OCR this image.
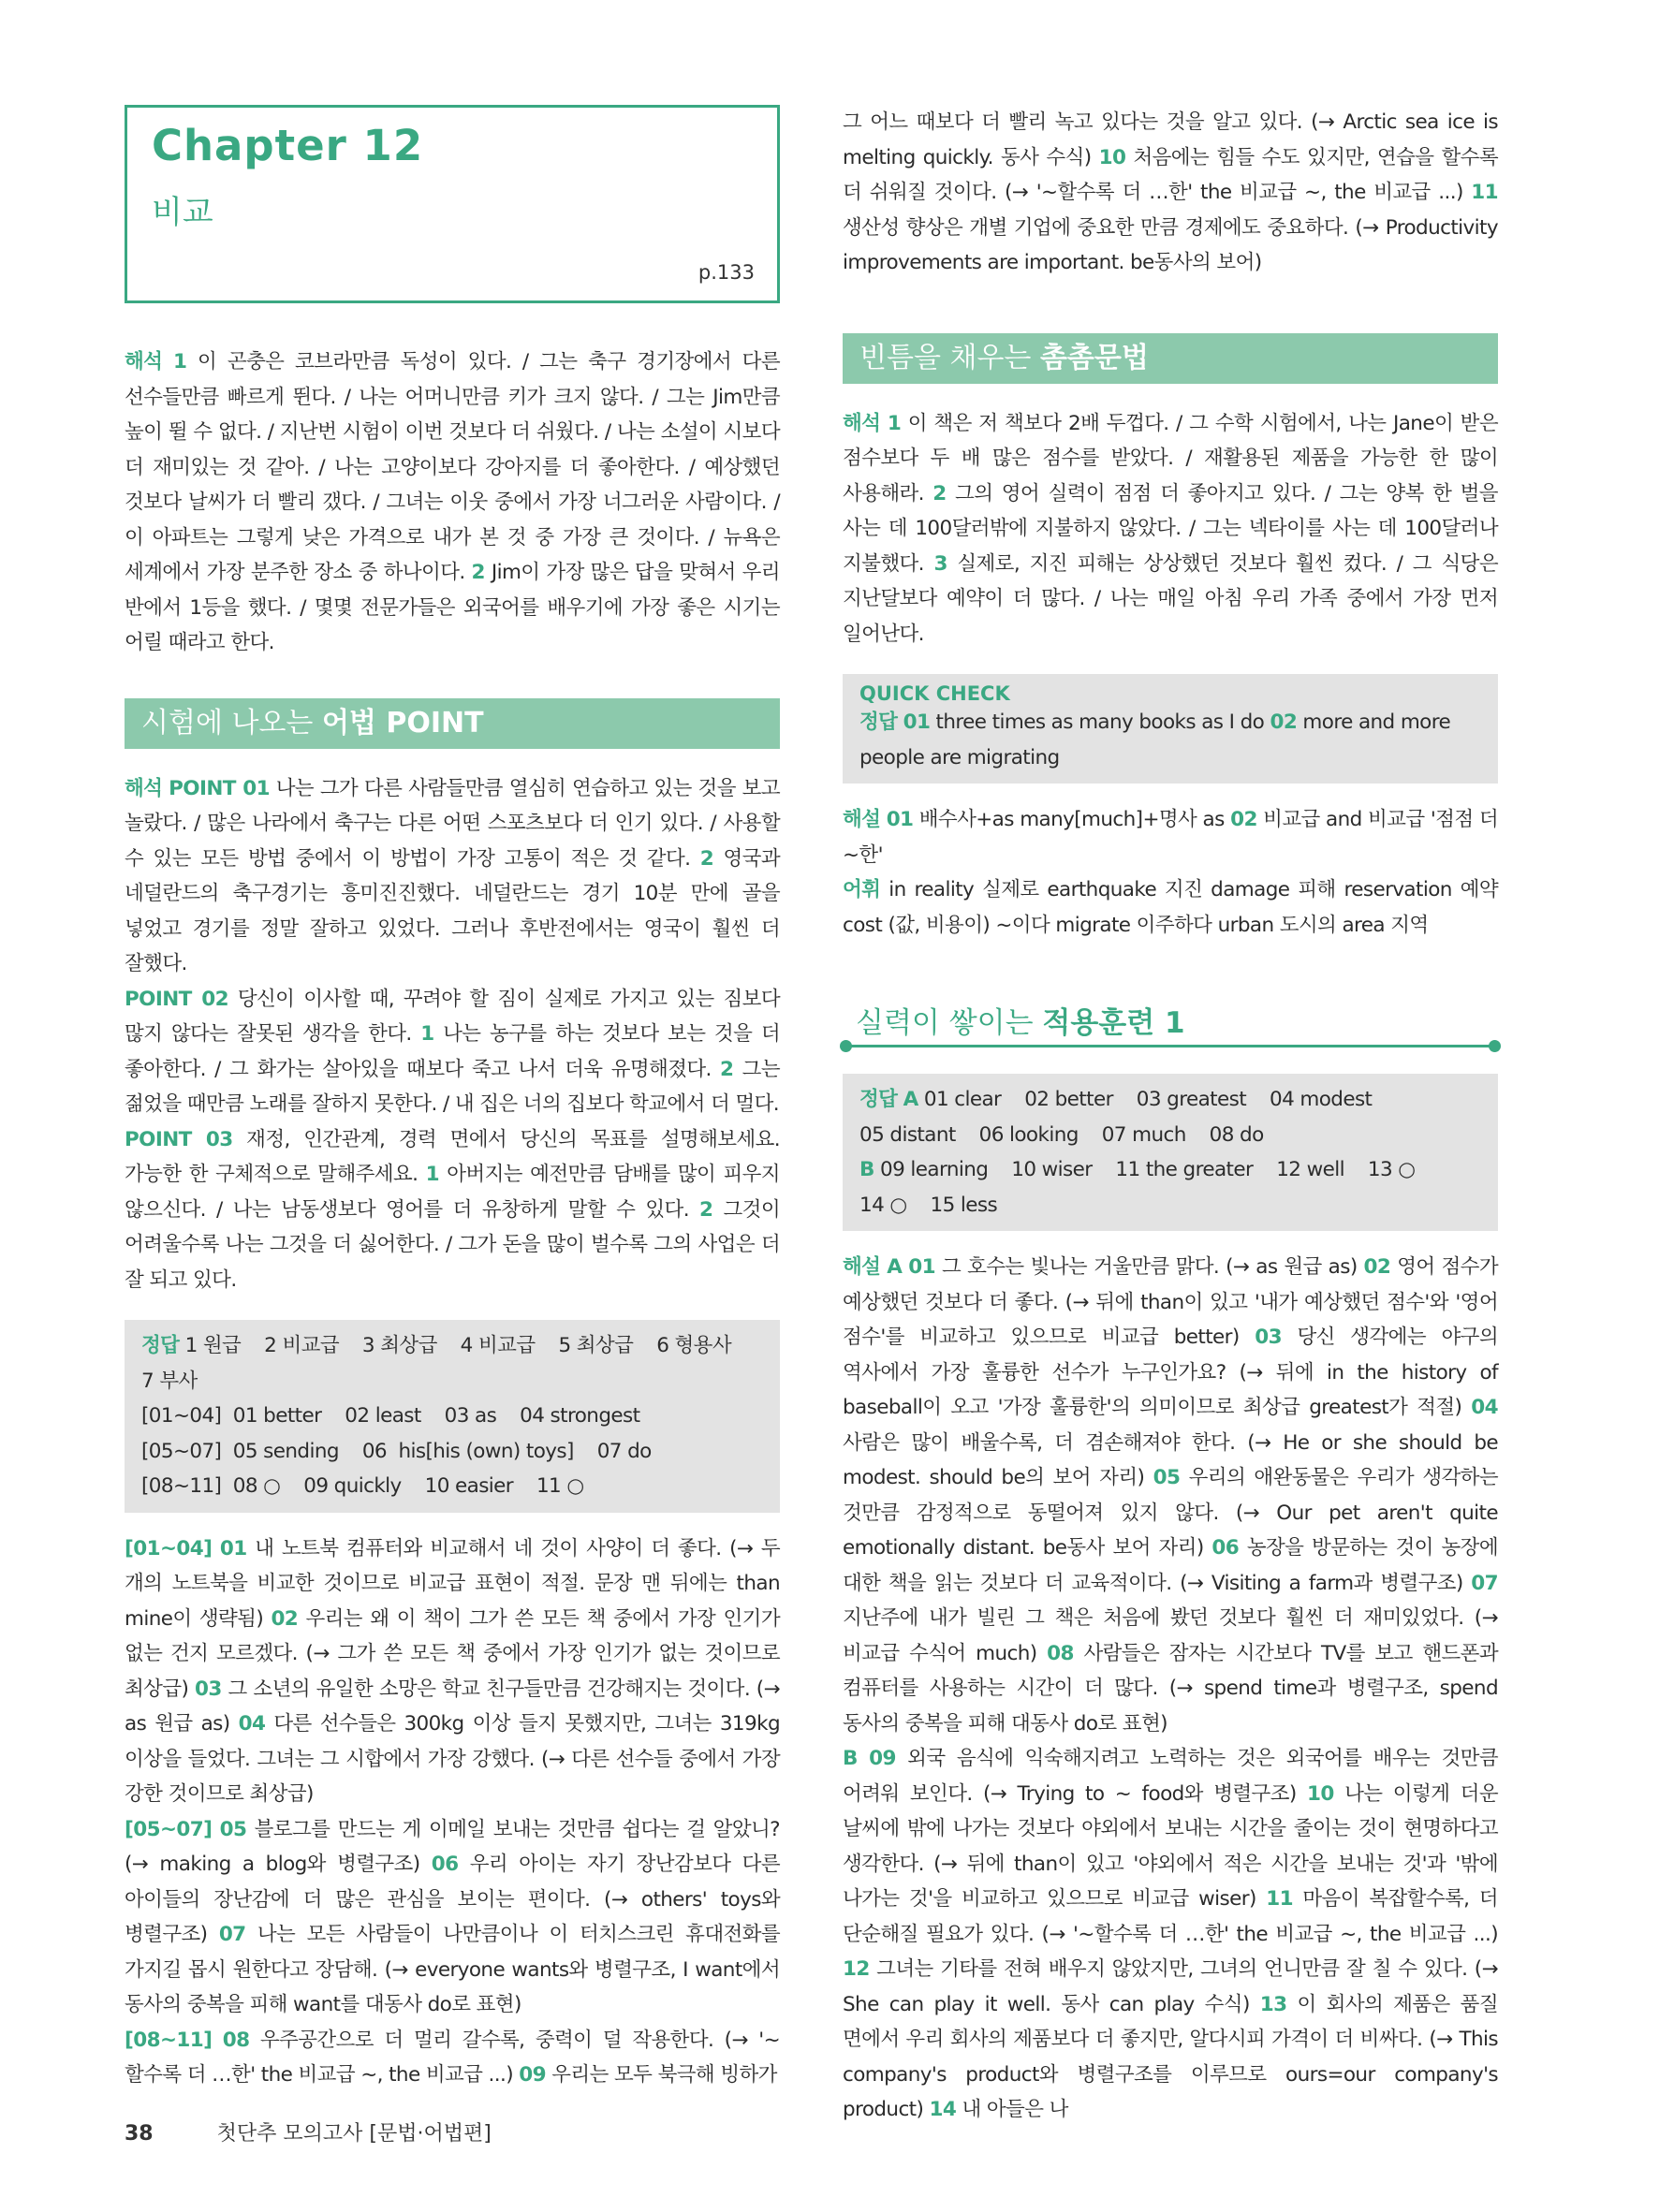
Chapter 12
비교
p.133

해석 1 이 곤충은 코브라만큼 독성이 있다. / 그는 축구 경기장에서 다른 선수들만큼 빠르게 뛴다. / 나는 어머니만큼 키가 크지 않다. / 그는 Jim만큼 높이 뛸 수 없다. / 지난번 시험이 이번 것보다 더 쉬웠다. / 나는 소설이 시보다 더 재미있는 것 같아. / 나는 고양이보다 강아지를 더 좋아한다. / 예상했던 것보다 날씨가 더 빨리 갰다. / 그녀는 이웃 중에서 가장 너그러운 사람이다. / 이 아파트는 그렇게 낮은 가격으로 내가 본 것 중 가장 큰 것이다. / 뉴욕은 세계에서 가장 분주한 장소 중 하나이다. 2 Jim이 가장 많은 답을 맞혀서 우리 반에서 1등을 했다. / 몇몇 전문가들은 외국어를 배우기에 가장 좋은 시기는 어릴 때라고 한다.

시험에 나오는 어법 POINT

해석 POINT 01 나는 그가 다른 사람들만큼 열심히 연습하고 있는 것을 보고 놀랐다. / 많은 나라에서 축구는 다른 어떤 스포츠보다 더 인기 있다. / 사용할 수 있는 모든 방법 중에서 이 방법이 가장 고통이 적은 것 같다. 2 영국과 네덜란드의 축구경기는 흥미진진했다. 네덜란드는 경기 10분 만에 골을 넣었고 경기를 정말 잘하고 있었다. 그러나 후반전에서는 영국이 훨씬 더 잘했다.
POINT 02 당신이 이사할 때, 꾸려야 할 짐이 실제로 가지고 있는 짐보다 많지 않다는 잘못된 생각을 한다. 1 나는 농구를 하는 것보다 보는 것을 더 좋아한다. / 그 화가는 살아있을 때보다 죽고 나서 더욱 유명해졌다. 2 그는 젊었을 때만큼 노래를 잘하지 못한다. / 내 집은 너의 집보다 학교에서 더 멀다.
POINT 03 재정, 인간관계, 경력 면에서 당신의 목표를 설명해보세요. 가능한 한 구체적으로 말해주세요. 1 아버지는 예전만큼 담배를 많이 피우지 않으신다. / 나는 남동생보다 영어를 더 유창하게 말할 수 있다. 2 그것이 어려울수록 나는 그것을 더 싫어한다. / 그가 돈을 많이 벌수록 그의 사업은 더 잘 되고 있다.

정답 1 원급    2 비교급    3 최상급    4 비교급    5 최상급    6 형용사

7 부사

[01~04]  01 better    02 least    03 as    04 strongest

[05~07]  05 sending    06  his[his (own) toys]    07 do

[08~11]  08 ○    09 quickly    10 easier    11 ○

[01~04] 01 내 노트북 컴퓨터와 비교해서 네 것이 사양이 더 좋다. (→ 두 개의 노트북을 비교한 것이므로 비교급 표현이 적절. 문장 맨 뒤에는 than mine이 생략됨) 02 우리는 왜 이 책이 그가 쓴 모든 책 중에서 가장 인기가 없는 건지 모르겠다. (→ 그가 쓴 모든 책 중에서 가장 인기가 없는 것이므로 최상급) 03 그 소년의 유일한 소망은 학교 친구들만큼 건강해지는 것이다. (→ as 원급 as) 04 다른 선수들은 300kg 이상 들지 못했지만, 그녀는 319kg 이상을 들었다. 그녀는 그 시합에서 가장 강했다. (→ 다른 선수들 중에서 가장 강한 것이므로 최상급)
[05~07] 05 블로그를 만드는 게 이메일 보내는 것만큼 쉽다는 걸 알았니? (→ making a blog와 병렬구조) 06 우리 아이는 자기 장난감보다 다른 아이들의 장난감에 더 많은 관심을 보이는 편이다. (→ others' toys와 병렬구조) 07 나는 모든 사람들이 나만큼이나 이 터치스크린 휴대전화를 가지길 몹시 원한다고 장담해. (→ everyone wants와 병렬구조, I want에서 동사의 중복을 피해 want를 대동사 do로 표현)
[08~11] 08 우주공간으로 더 멀리 갈수록, 중력이 덜 작용한다. (→ '~할수록 더 …한' the 비교급 ~, the 비교급 ...) 09 우리는 모두 북극해 빙하가

그 어느 때보다 더 빨리 녹고 있다는 것을 알고 있다. (→ Arctic sea ice is melting quickly. 동사 수식) 10 처음에는 힘들 수도 있지만, 연습을 할수록 더 쉬워질 것이다. (→ '~할수록 더 …한' the 비교급 ~, the 비교급 ...) 11 생산성 향상은 개별 기업에 중요한 만큼 경제에도 중요하다. (→ Productivity improvements are important. be동사의 보어)

빈틈을 채우는 촘촘문법

해석 1 이 책은 저 책보다 2배 두껍다. / 그 수학 시험에서, 나는 Jane이 받은 점수보다 두 배 많은 점수를 받았다. / 재활용된 제품을 가능한 한 많이 사용해라. 2 그의 영어 실력이 점점 더 좋아지고 있다. / 그는 양복 한 벌을 사는 데 100달러밖에 지불하지 않았다. / 그는 넥타이를 사는 데 100달러나 지불했다. 3 실제로, 지진 피해는 상상했던 것보다 훨씬 컸다. / 그 식당은 지난달보다 예약이 더 많다. / 나는 매일 아침 우리 가족 중에서 가장 먼저 일어난다.

QUICK CHECK

정답 01 three times as many books as I do 02 more and more people are migrating

해설 01 배수사+as many[much]+명사 as 02 비교급 and 비교급 '점점 더 ~한'

어휘 in reality 실제로 earthquake 지진 damage 피해 reservation 예약 cost (값, 비용이) ~이다 migrate 이주하다 urban 도시의 area 지역

실력이 쌓이는 적용훈련 1

정답 A 01 clear    02 better    03 greatest    04 modest

05 distant    06 looking    07 much    08 do

B 09 learning    10 wiser    11 the greater    12 well    13 ○

14 ○    15 less

해설 A 01 그 호수는 빛나는 거울만큼 맑다. (→ as 원급 as) 02 영어 점수가 예상했던 것보다 더 좋다. (→ 뒤에 than이 있고 '내가 예상했던 점수'와 '영어 점수'를 비교하고 있으므로 비교급 better) 03 당신 생각에는 야구의 역사에서 가장 훌륭한 선수가 누구인가요? (→ 뒤에 in the history of baseball이 오고 '가장 훌륭한'의 의미이므로 최상급 greatest가 적절) 04 사람은 많이 배울수록, 더 겸손해져야 한다. (→ He or she should be modest. should be의 보어 자리) 05 우리의 애완동물은 우리가 생각하는 것만큼 감정적으로 동떨어져 있지 않다. (→ Our pet aren't quite emotionally distant. be동사 보어 자리) 06 농장을 방문하는 것이 농장에 대한 책을 읽는 것보다 더 교육적이다. (→ Visiting a farm과 병렬구조) 07 지난주에 내가 빌린 그 책은 처음에 봤던 것보다 훨씬 더 재미있었다. (→ 비교급 수식어 much) 08 사람들은 잠자는 시간보다 TV를 보고 핸드폰과 컴퓨터를 사용하는 시간이 더 많다. (→ spend time과 병렬구조, spend 동사의 중복을 피해 대동사 do로 표현)
B 09 외국 음식에 익숙해지려고 노력하는 것은 외국어를 배우는 것만큼 어려워 보인다. (→ Trying to ~ food와 병렬구조) 10 나는 이렇게 더운 날씨에 밖에 나가는 것보다 야외에서 보내는 시간을 줄이는 것이 현명하다고 생각한다. (→ 뒤에 than이 있고 '야외에서 적은 시간을 보내는 것'과 '밖에 나가는 것'을 비교하고 있으므로 비교급 wiser) 11 마음이 복잡할수록, 더 단순해질 필요가 있다. (→ '~할수록 더 …한' the 비교급 ~, the 비교급 ...) 12 그녀는 기타를 전혀 배우지 않았지만, 그녀의 언니만큼 잘 칠 수 있다. (→ She can play it well. 동사 can play 수식) 13 이 회사의 제품은 품질 면에서 우리 회사의 제품보다 더 좋지만, 알다시피 가격이 더 비싸다. (→ This company's product와 병렬구조를 이루므로 ours=our company's product) 14 내 아들은 나

38	첫단추 모의고사 [문법·어법편]
